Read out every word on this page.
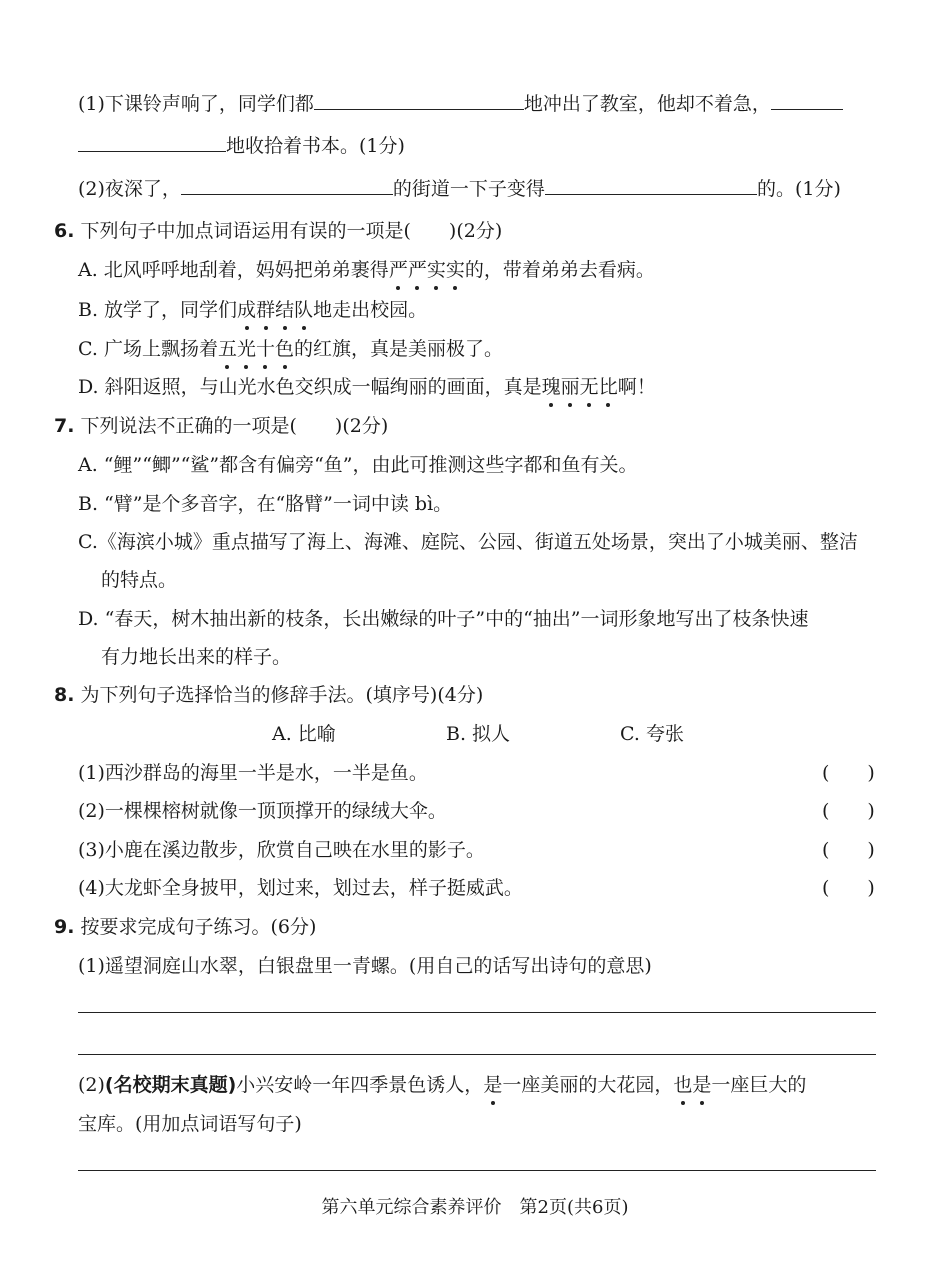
(1)下课铃声响了，同学们都	地冲出了教室，他却不着急，
地收拾着书本。(1分)
(2)夜深了，	的街道一下子变得	的。(1分)
6. 下列句子中加点词语运用有误的一项是(　　)(2分)
A. 北风呼呼地刮着，妈妈把弟弟裹得严严实实的，带着弟弟去看病。
B. 放学了，同学们成群结队地走出校园。
C. 广场上飘扬着五光十色的红旗，真是美丽极了。
D. 斜阳返照，与山光水色交织成一幅绚丽的画面，真是瑰丽无比啊！
7. 下列说法不正确的一项是(　　)(2分)
A. “鲤”“鲫”“鲨”都含有偏旁“鱼”，由此可推测这些字都和鱼有关。
B. “臂”是个多音字，在“胳臂”一词中读 bì。
C.《海滨小城》重点描写了海上、海滩、庭院、公园、街道五处场景，突出了小城美丽、整洁
的特点。
D. “春天，树木抽出新的枝条，长出嫩绿的叶子”中的“抽出”一词形象地写出了枝条快速
有力地长出来的样子。
8. 为下列句子选择恰当的修辞手法。(填序号)(4分)
A. 比喻	B. 拟人	C. 夸张
(1)西沙群岛的海里一半是水，一半是鱼。	(　　)
(2)一棵棵榕树就像一顶顶撑开的绿绒大伞。	(　　)
(3)小鹿在溪边散步，欣赏自己映在水里的影子。	(　　)
(4)大龙虾全身披甲，划过来，划过去，样子挺威武。	(　　)
9. 按要求完成句子练习。(6分)
(1)遥望洞庭山水翠，白银盘里一青螺。(用自己的话写出诗句的意思)
(2)(名校期末真题)小兴安岭一年四季景色诱人，是一座美丽的大花园，也是一座巨大的
宝库。(用加点词语写句子)
第六单元综合素养评价　第2页(共6页)
